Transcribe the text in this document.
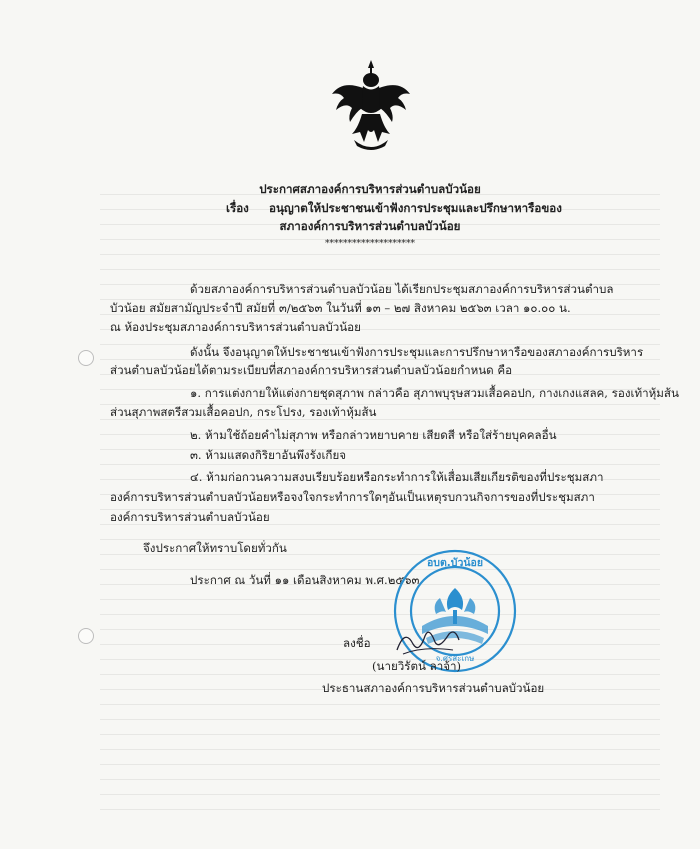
ประกาศสภาองค์การบริหารส่วนตำบลบัวน้อย
เรื่อง อนุญาตให้ประชาชนเข้าฟังการประชุมและปรึกษาหารือของ
สภาองค์การบริหารส่วนตำบลบัวน้อย
********************
ด้วยสภาองค์การบริหารส่วนตำบลบัวน้อย ได้เรียกประชุมสภาองค์การบริหารส่วนตำบล
บัวน้อย สมัยสามัญประจำปี สมัยที่ ๓/๒๕๖๓ ในวันที่ ๑๓ – ๒๗ สิงหาคม ๒๕๖๓ เวลา ๑๐.๐๐ น.
ณ ห้องประชุมสภาองค์การบริหารส่วนตำบลบัวน้อย
ดังนั้น จึงอนุญาตให้ประชาชนเข้าฟังการประชุมและการปรึกษาหารือของสภาองค์การบริหาร
ส่วนตำบลบัวน้อยได้ตามระเบียบที่สภาองค์การบริหารส่วนตำบลบัวน้อยกำหนด คือ
๑. การแต่งกายให้แต่งกายชุดสุภาพ กล่าวคือ สุภาพบุรุษสวมเสื้อคอปก, กางเกงแสลค, รองเท้าหุ้มส้น
ส่วนสุภาพสตรีสวมเสื้อคอปก, กระโปรง, รองเท้าหุ้มส้น
๒. ห้ามใช้ถ้อยคำไม่สุภาพ หรือกล่าวหยาบคาย เสียดสี หรือใส่ร้ายบุคคลอื่น
๓. ห้ามแสดงกิริยาอันพึงรังเกียจ
๔. ห้ามก่อกวนความสงบเรียบร้อยหรือกระทำการให้เสื่อมเสียเกียรติของที่ประชุมสภา
องค์การบริหารส่วนตำบลบัวน้อยหรือจงใจกระทำการใดๆอันเป็นเหตุรบกวนกิจการของที่ประชุมสภา
องค์การบริหารส่วนตำบลบัวน้อย
จึงประกาศให้ทราบโดยทั่วกัน
ประกาศ ณ วันที่ ๑๑ เดือนสิงหาคม พ.ศ.๒๕๖๓
อบต.บัวน้อย
จ.ศรีสะเกษ
ลงชื่อ
(นายวิรัตน์ ลาจ้า)
ประธานสภาองค์การบริหารส่วนตำบลบัวน้อย
